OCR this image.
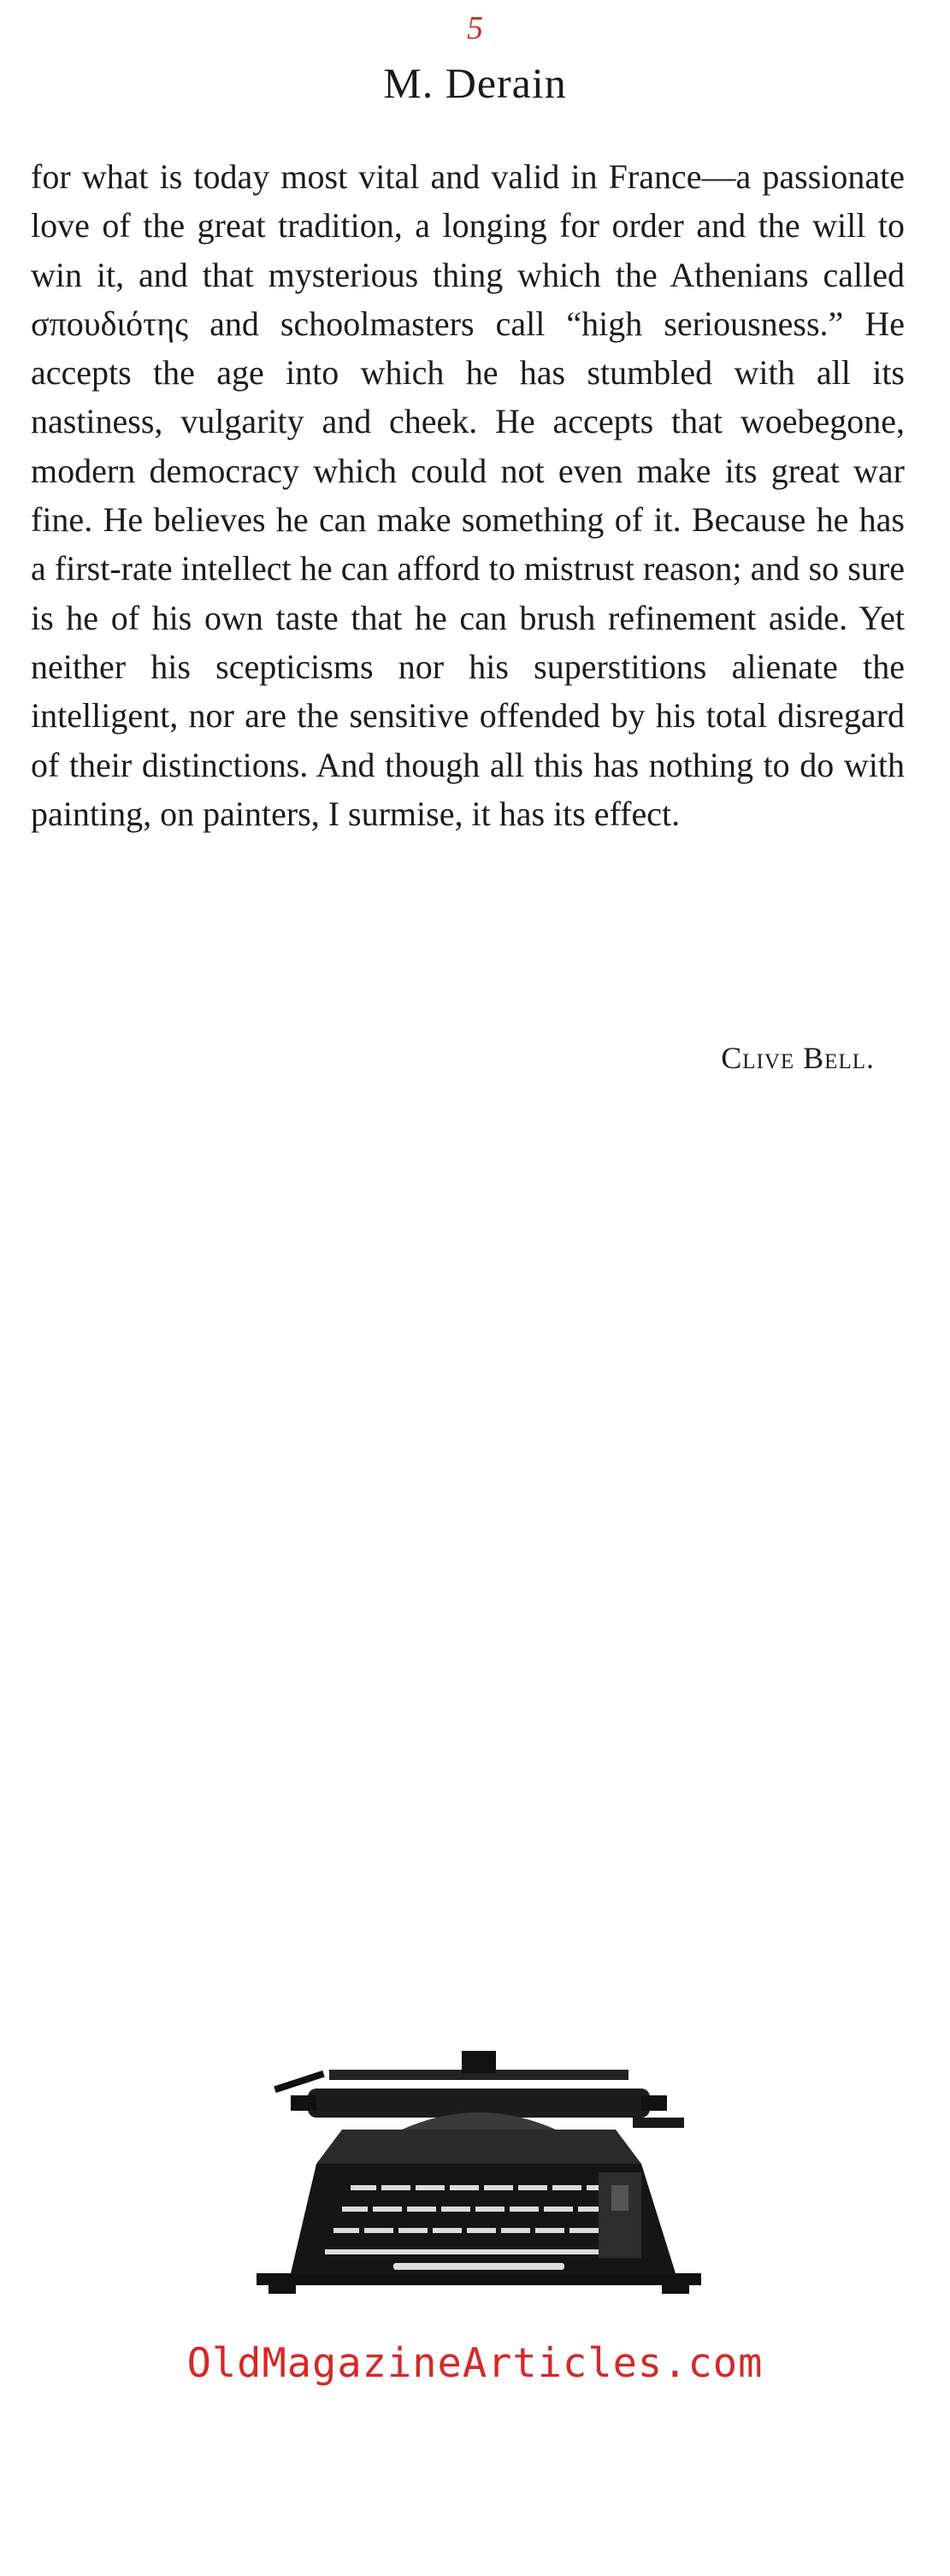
5
M. Derain

for what is today most vital and valid in France—a passionate love of the great tradition, a longing for order and the will to win it, and that mysterious thing which the Athenians called σπουδιότης and schoolmasters call “high seriousness.” He accepts the age into which he has stumbled with all its nastiness, vulgarity and cheek. He accepts that woebegone, modern democracy which could not even make its great war fine. He believes he can make something of it. Because he has a first-rate intellect he can afford to mistrust reason; and so sure is he of his own taste that he can brush refinement aside. Yet neither his scepticisms nor his superstitions alienate the intelligent, nor are the sensitive offended by his total disregard of their distinctions. And though all this has nothing to do with painting, on painters, I surmise, it has its effect.

Clive Bell.
OldMagazineArticles.com
